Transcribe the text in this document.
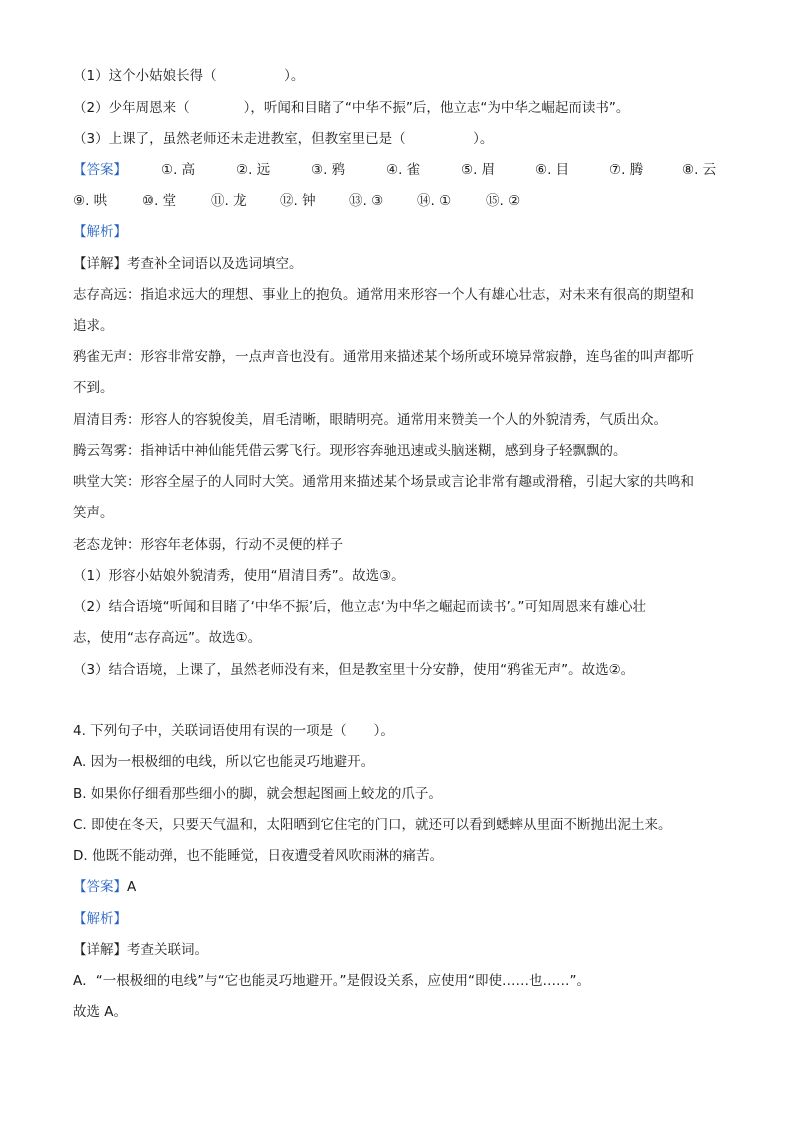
（1）这个小姑娘长得（　　　　　）。
（2）少年周恩来（　　　　），听闻和目睹了“中华不振”后，他立志“为中华之崛起而读书”。
（3）上课了，虽然老师还未走进教室，但教室里已是（　　　　　）。
【答案】	①. 高	②. 远	③. 鸦	④. 雀	⑤. 眉	⑥. 目	⑦. 腾	⑧. 云
⑨. 哄	⑩. 堂	⑪. 龙 ⑫. 钟 ⑬. ③	⑭. ①	⑮. ②
【解析】
【详解】考查补全词语以及选词填空。
志存高远：指追求远大的理想、事业上的抱负。通常用来形容一个人有雄心壮志，对未来有很高的期望和
追求。
鸦雀无声：形容非常安静，一点声音也没有。通常用来描述某个场所或环境异常寂静，连鸟雀的叫声都听
不到。
眉清目秀：形容人的容貌俊美，眉毛清晰，眼睛明亮。通常用来赞美一个人的外貌清秀，气质出众。
腾云驾雾：指神话中神仙能凭借云雾飞行。现形容奔驰迅速或头脑迷糊，感到身子轻飘飘的。
哄堂大笑：形容全屋子的人同时大笑。通常用来描述某个场景或言论非常有趣或滑稽，引起大家的共鸣和
笑声。
老态龙钟：形容年老体弱，行动不灵便的样子
（1）形容小姑娘外貌清秀，使用“眉清目秀”。故选③。
（2）结合语境“听闻和目睹了‘中华不振’后，他立志‘为中华之崛起而读书’。”可知周恩来有雄心壮
志，使用“志存高远”。故选①。
（3）结合语境，上课了，虽然老师没有来，但是教室里十分安静，使用“鸦雀无声”。故选②。
4. 下列句子中，关联词语使用有误的一项是（　　）。
A. 因为一根极细的电线，所以它也能灵巧地避开。
B. 如果你仔细看那些细小的脚，就会想起图画上蛟龙的爪子。
C. 即使在冬天，只要天气温和，太阳晒到它住宅的门口，就还可以看到蟋蟀从里面不断抛出泥土来。
D. 他既不能动弹，也不能睡觉，日夜遭受着风吹雨淋的痛苦。
【答案】A
【解析】
【详解】考查关联词。
A．“一根极细的电线”与“它也能灵巧地避开。”是假设关系，应使用“即使……也……”。
故选 A。
